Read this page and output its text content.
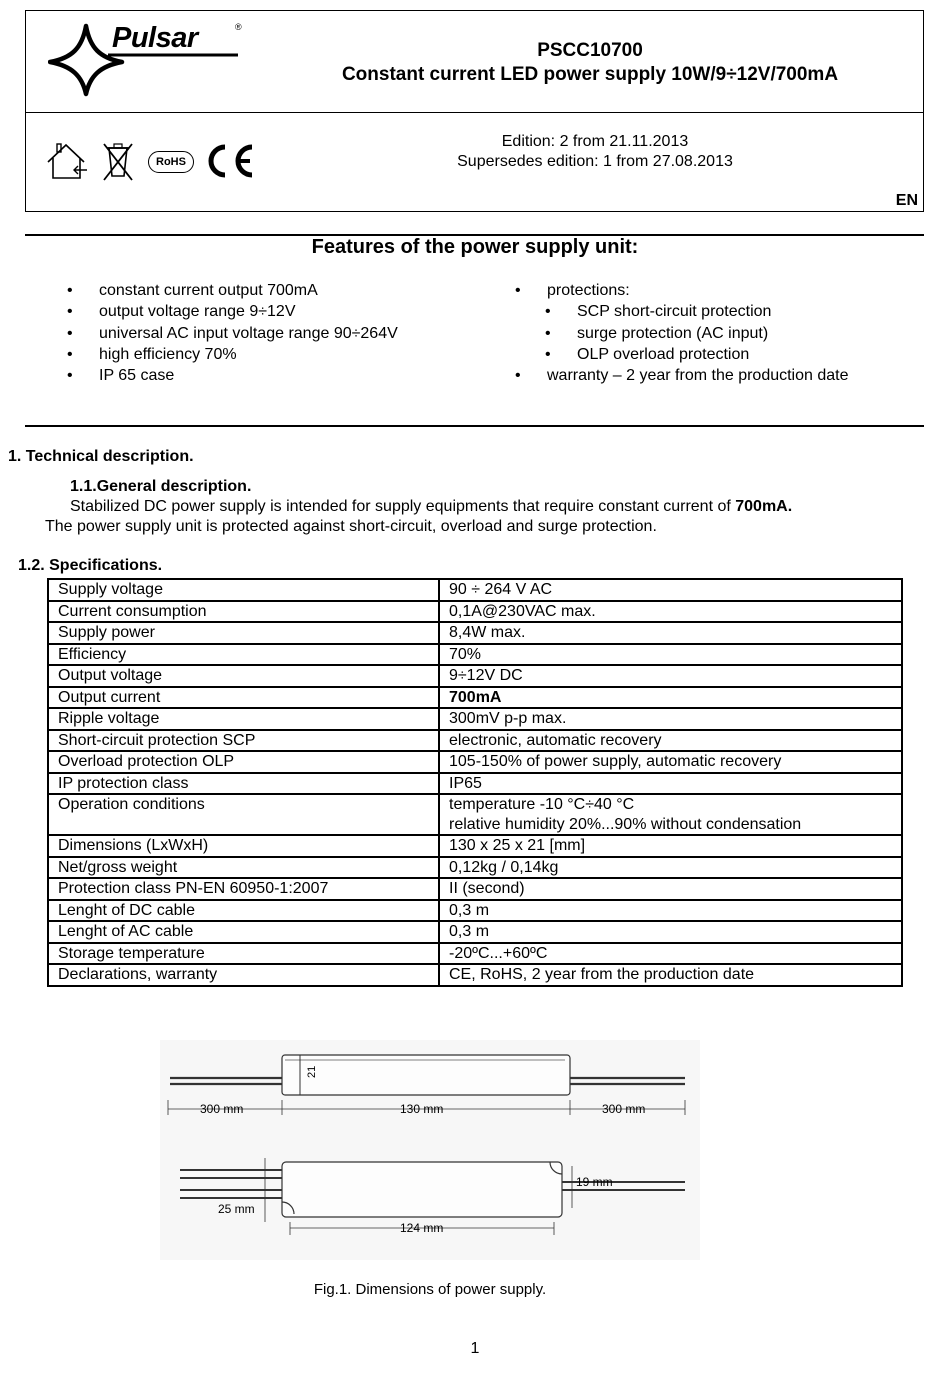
Pulsar	®
PSCC10700
Constant current LED power supply 10W/9÷12V/700mA
RoHS
Edition: 2 from 21.11.2013
Supersedes edition: 1 from 27.08.2013
EN
Features of the power supply unit:
• constant current output 700mA
• output voltage range 9÷12V
• universal AC input voltage range 90÷264V
• high efficiency 70%
• IP 65 case
• protections:
• SCP short-circuit protection
• surge protection (AC input)
• OLP overload protection
• warranty – 2 year from the production date
1. Technical description.
1.1.General description.
Stabilized DC power supply is intended for supply equipments that require constant current of 700mA.
The power supply unit is protected against short-circuit, overload and surge protection.
1.2. Specifications.
Supply voltage	90 ÷ 264 V AC
Current consumption	0,1A@230VAC max.
Supply power	8,4W max.
Efficiency	70%
Output voltage	9÷12V DC
Output current	700mA
Ripple voltage	300mV p-p max.
Short-circuit protection SCP	electronic, automatic recovery
Overload protection OLP	105-150% of power supply, automatic recovery
IP protection class	IP65
Operation conditions	temperature -10 °C÷40 °C
relative humidity 20%...90% without condensation

Dimensions (LxWxH)	130 x 25 x 21 [mm]
Net/gross weight	0,12kg / 0,14kg
Protection class PN-EN 60950-1:2007	II (second)
Lenght of DC cable	0,3 m
Lenght of AC cable	0,3 m
Storage temperature	-20ºC...+60ºC
Declarations, warranty	CE, RoHS, 2 year from the production date
21
300 mm	130 mm	300 mm
19 mm
25 mm
124 mm
Fig.1. Dimensions of power supply.
1
